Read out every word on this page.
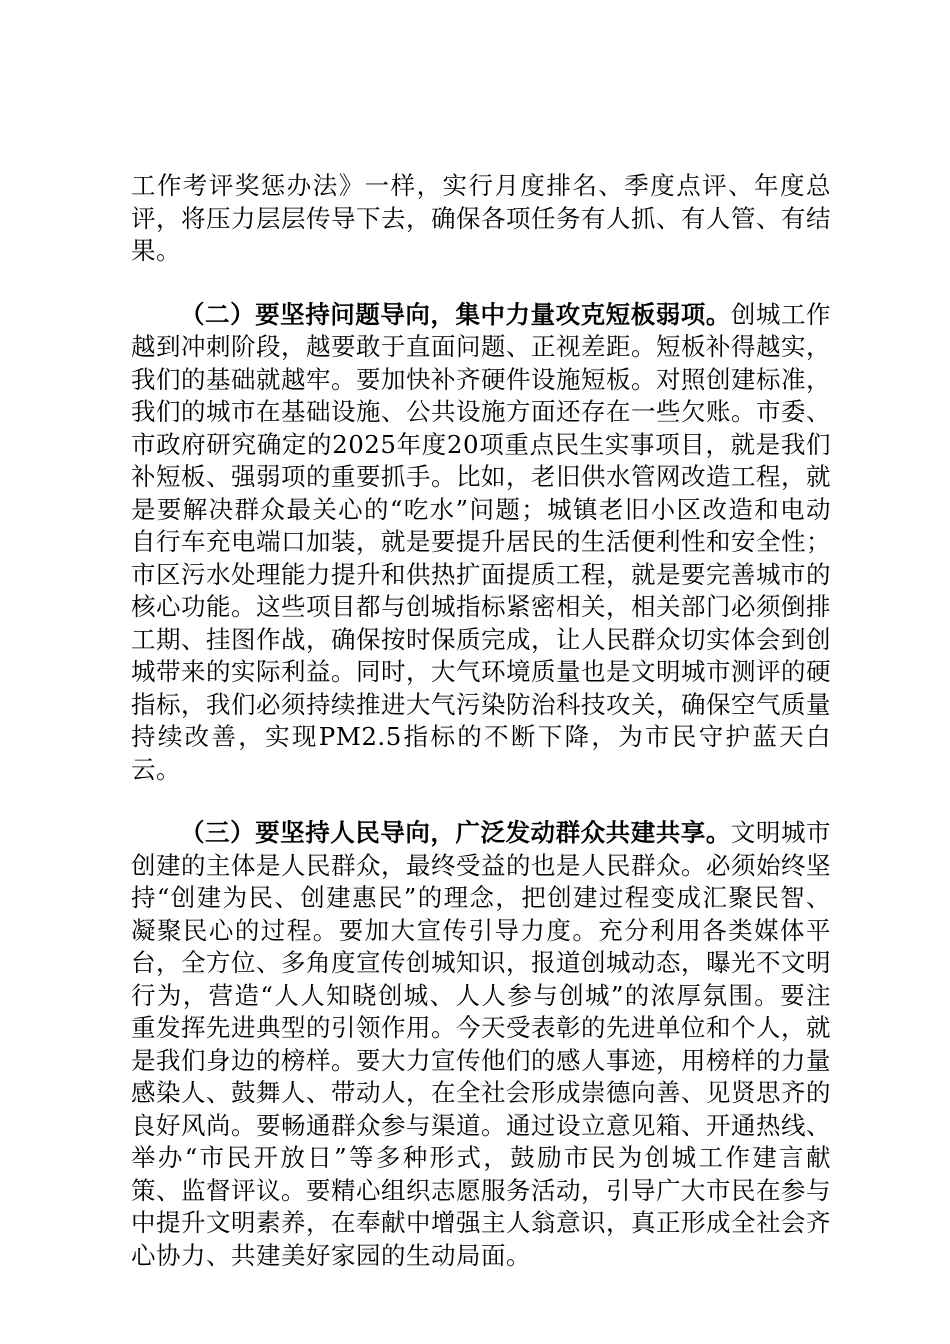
工作考评奖惩办法》一样，实行月度排名、季度点评、年度总评，将压力层层传导下去，确保各项任务有人抓、有人管、有结果。

（二）要坚持问题导向，集中力量攻克短板弱项。创城工作越到冲刺阶段，越要敢于直面问题、正视差距。短板补得越实，我们的基础就越牢。要加快补齐硬件设施短板。对照创建标准，我们的城市在基础设施、公共设施方面还存在一些欠账。市委、市政府研究确定的2025年度20项重点民生实事项目，就是我们补短板、强弱项的重要抓手。比如，老旧供水管网改造工程，就是要解决群众最关心的“吃水”问题；城镇老旧小区改造和电动自行车充电端口加装，就是要提升居民的生活便利性和安全性；市区污水处理能力提升和供热扩面提质工程，就是要完善城市的核心功能。这些项目都与创城指标紧密相关，相关部门必须倒排工期、挂图作战，确保按时保质完成，让人民群众切实体会到创城带来的实际利益。同时，大气环境质量也是文明城市测评的硬指标，我们必须持续推进大气污染防治科技攻关，确保空气质量持续改善，实现PM2.5指标的不断下降，为市民守护蓝天白云。

（三）要坚持人民导向，广泛发动群众共建共享。文明城市创建的主体是人民群众，最终受益的也是人民群众。必须始终坚持“创建为民、创建惠民”的理念，把创建过程变成汇聚民智、凝聚民心的过程。要加大宣传引导力度。充分利用各类媒体平台，全方位、多角度宣传创城知识，报道创城动态，曝光不文明行为，营造“人人知晓创城、人人参与创城”的浓厚氛围。要注重发挥先进典型的引领作用。今天受表彰的先进单位和个人，就是我们身边的榜样。要大力宣传他们的感人事迹，用榜样的力量感染人、鼓舞人、带动人，在全社会形成崇德向善、见贤思齐的良好风尚。要畅通群众参与渠道。通过设立意见箱、开通热线、举办“市民开放日”等多种形式，鼓励市民为创城工作建言献策、监督评议。要精心组织志愿服务活动，引导广大市民在参与中提升文明素养，在奉献中增强主人翁意识，真正形成全社会齐心协力、共建美好家园的生动局面。
